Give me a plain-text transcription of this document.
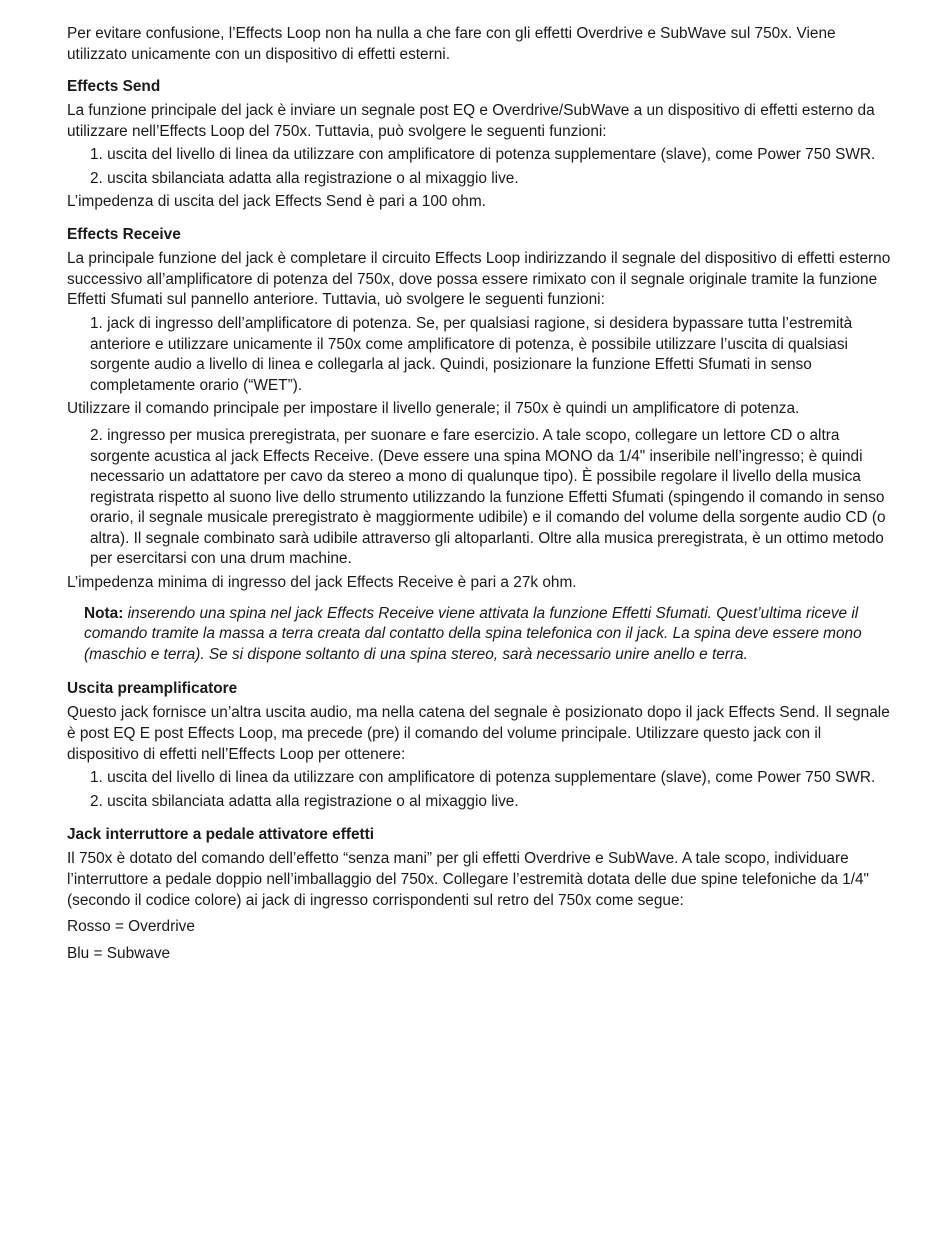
Per evitare confusione, l’Effects Loop non ha nulla a che fare con gli effetti Overdrive e SubWave sul 750x. Viene utilizzato unicamente con un dispositivo di effetti esterni.

Effects Send

La funzione principale del jack è inviare un segnale post EQ e Overdrive/SubWave a un dispositivo di effetti esterno da utilizzare nell’Effects Loop del 750x. Tuttavia, può svolgere le seguenti funzioni:

1. uscita del livello di linea da utilizzare con amplificatore di potenza supplementare (slave), come Power 750 SWR.

2. uscita sbilanciata adatta alla registrazione o al mixaggio live.

L’impedenza di uscita del jack Effects Send è pari a 100 ohm.

Effects Receive

La principale funzione del jack è completare il circuito Effects Loop indirizzando il segnale del dispositivo di effetti esterno successivo all’amplificatore di potenza del 750x, dove possa essere rimixato con il segnale originale tramite la funzione Effetti Sfumati sul pannello anteriore. Tuttavia, uò svolgere le seguenti funzioni:

1. jack di ingresso dell’amplificatore di potenza. Se, per qualsiasi ragione, si desidera bypassare tutta l’estremità anteriore e utilizzare unicamente il 750x come amplificatore di potenza, è possibile utilizzare l’uscita di qualsiasi sorgente audio a livello di linea e collegarla al jack. Quindi, posizionare la funzione Effetti Sfumati in senso completamente orario (“WET”).

Utilizzare il comando principale per impostare il livello generale; il 750x è quindi un amplificatore di potenza.

2. ingresso per musica preregistrata, per suonare e fare esercizio. A tale scopo, collegare un lettore CD o altra sorgente acustica al jack Effects Receive. (Deve essere una spina MONO da 1/4" inseribile nell’ingresso; è quindi necessario un adattatore per cavo da stereo a mono di qualunque tipo). È possibile regolare il livello della musica registrata rispetto al suono live dello strumento utilizzando la funzione Effetti Sfumati (spingendo il comando in senso orario, il segnale musicale preregistrato è maggiormente udibile) e il comando del volume della sorgente audio CD (o altra). Il segnale combinato sarà udibile attraverso gli altoparlanti. Oltre alla musica preregistrata, è un ottimo metodo per esercitarsi con una drum machine.

L’impedenza minima di ingresso del jack Effects Receive è pari a 27k ohm.

Nota: inserendo una spina nel jack Effects Receive viene attivata la funzione Effetti Sfumati. Quest’ultima riceve il comando tramite la massa a terra creata dal contatto della spina telefonica con il jack. La spina deve essere mono (maschio e terra). Se si dispone soltanto di una spina stereo, sarà necessario unire anello e terra.

Uscita preamplificatore

Questo jack fornisce un’altra uscita audio, ma nella catena del segnale è posizionato dopo il jack Effects Send. Il segnale è post EQ E post Effects Loop, ma precede (pre) il comando del volume principale. Utilizzare questo jack con il dispositivo di effetti nell’Effects Loop per ottenere:

1. uscita del livello di linea da utilizzare con amplificatore di potenza supplementare (slave), come Power 750 SWR.

2. uscita sbilanciata adatta alla registrazione o al mixaggio live.

Jack interruttore a pedale attivatore effetti

Il 750x è dotato del comando dell’effetto “senza mani” per gli effetti Overdrive e SubWave. A tale scopo, individuare l’interruttore a pedale doppio nell’imballaggio del 750x. Collegare l’estremità dotata delle due spine telefoniche da 1/4" (secondo il codice colore) ai jack di ingresso corrispondenti sul retro del 750x come segue:

Rosso = Overdrive

Blu = Subwave
